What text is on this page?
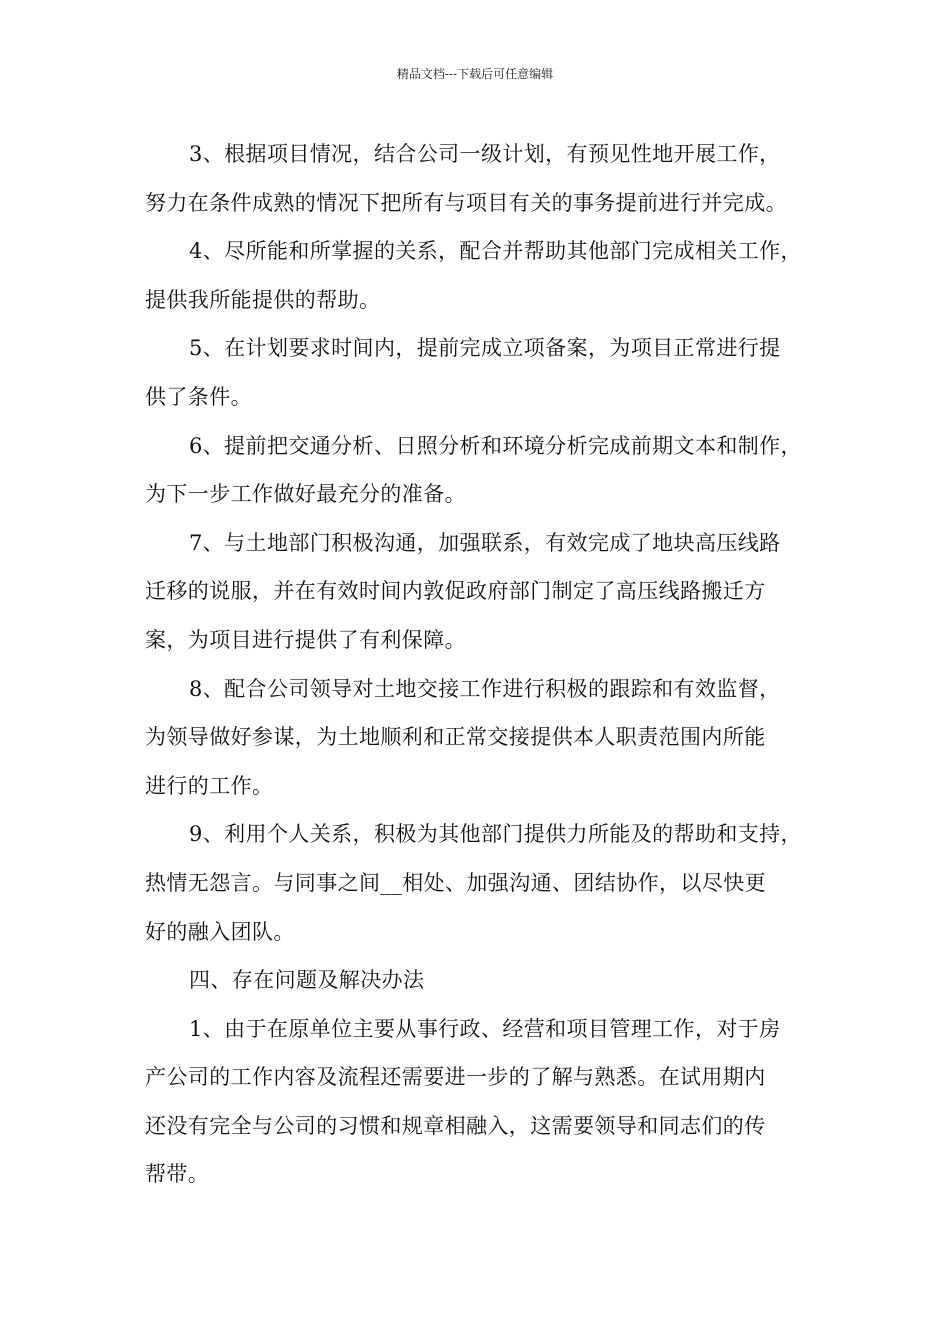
精品文档---下载后可任意编辑

3、根据项目情况，结合公司一级计划，有预见性地开展工作，
努力在条件成熟的情况下把所有与项目有关的事务提前进行并完成。

4、尽所能和所掌握的关系，配合并帮助其他部门完成相关工作，
提供我所能提供的帮助。

5、在计划要求时间内，提前完成立项备案，为项目正常进行提
供了条件。

6、提前把交通分析、日照分析和环境分析完成前期文本和制作，
为下一步工作做好最充分的准备。

7、与土地部门积极沟通，加强联系，有效完成了地块高压线路
迁移的说服，并在有效时间内敦促政府部门制定了高压线路搬迁方
案，为项目进行提供了有利保障。

8、配合公司领导对土地交接工作进行积极的跟踪和有效监督，
为领导做好参谋，为土地顺利和正常交接提供本人职责范围内所能
进行的工作。

9、利用个人关系，积极为其他部门提供力所能及的帮助和支持，
热情无怨言。与同事之间__相处、加强沟通、团结协作，以尽快更
好的融入团队。

四、存在问题及解决办法

1、由于在原单位主要从事行政、经营和项目管理工作，对于房
产公司的工作内容及流程还需要进一步的了解与熟悉。在试用期内
还没有完全与公司的习惯和规章相融入，这需要领导和同志们的传
帮带。
